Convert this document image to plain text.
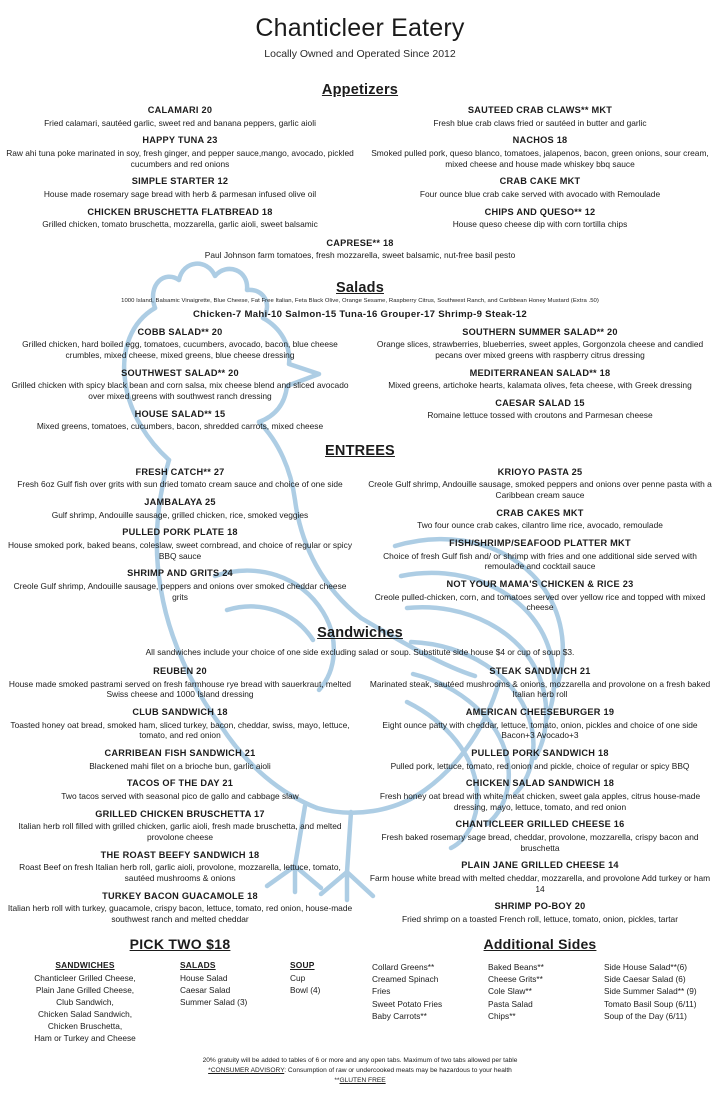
Chanticleer Eatery
Locally Owned and Operated Since 2012
Appetizers
CALAMARI 20
Fried calamari, sautéed garlic, sweet red and banana peppers, garlic aioli
HAPPY TUNA 23
Raw ahi tuna poke marinated in soy, fresh ginger, and pepper sauce,mango, avocado, pickled cucumbers and red onions
SIMPLE STARTER 12
House made rosemary sage bread with herb & parmesan infused olive oil
CHICKEN BRUSCHETTA FLATBREAD 18
Grilled chicken, tomato bruschetta, mozzarella, garlic aioli, sweet balsamic
SAUTEED CRAB CLAWS** MKT
Fresh blue crab claws fried or sautéed in butter and garlic
NACHOS 18
Smoked pulled pork, queso blanco, tomatoes, jalapenos, bacon, green onions, sour cream, mixed cheese and house made whiskey bbq sauce
CRAB CAKE MKT
Four ounce blue crab cake served with avocado with Remoulade
CHIPS AND QUESO** 12
House queso cheese dip with corn tortilla chips
CAPRESE** 18
Paul Johnson farm tomatoes, fresh mozzarella, sweet balsamic, nut-free basil pesto
Salads
1000 Island, Balsamic Vinaigrette, Blue Cheese, Fat Free Italian, Feta Black Olive, Orange Sesame, Raspberry Citrus, Southwest Ranch, and Caribbean Honey Mustard (Extra .50)
Chicken-7 Mahi-10 Salmon-15 Tuna-16 Grouper-17 Shrimp-9 Steak-12
COBB SALAD** 20
Grilled chicken, hard boiled egg, tomatoes, cucumbers, avocado, bacon, blue cheese crumbles, mixed cheese, mixed greens, blue cheese dressing
SOUTHWEST SALAD** 20
Grilled chicken with spicy black bean and corn salsa, mix cheese blend and sliced avocado over mixed greens with southwest ranch dressing
HOUSE SALAD** 15
Mixed greens, tomatoes, cucumbers, bacon, shredded carrots, mixed cheese
SOUTHERN SUMMER SALAD** 20
Orange slices, strawberries, blueberries, sweet apples, Gorgonzola cheese and candied pecans over mixed greens with raspberry citrus dressing
MEDITERRANEAN SALAD** 18
Mixed greens, artichoke hearts, kalamata olives, feta cheese, with Greek dressing
CAESAR SALAD 15
Romaine lettuce tossed with croutons and Parmesan cheese
ENTREES
FRESH CATCH** 27
Fresh 6oz Gulf fish over grits with sun dried tomato cream sauce and choice of one side
JAMBALAYA 25
Gulf shrimp, Andouille sausage, grilled chicken, rice, smoked veggies
PULLED PORK PLATE 18
House smoked pork, baked beans, coleslaw, sweet cornbread, and choice of regular or spicy BBQ sauce
SHRIMP AND GRITS 24
Creole Gulf shrimp, Andouille sausage, peppers and onions over smoked cheddar cheese grits
KRIOYO PASTA 25
Creole Gulf shrimp, Andouille sausage, smoked peppers and onions over penne pasta with a Caribbean cream sauce
CRAB CAKES MKT
Two four ounce crab cakes, cilantro lime rice, avocado, remoulade
FISH/SHRIMP/SEAFOOD PLATTER MKT
Choice of fresh Gulf fish and/ or shrimp with fries and one additional side served with remoulade and cocktail sauce
NOT YOUR MAMA'S CHICKEN & RICE 23
Creole pulled-chicken, corn, and tomatoes served over yellow rice and topped with mixed cheese
Sandwiches
All sandwiches include your choice of one side excluding salad or soup. Substitute side house $4 or cup of soup $3.
REUBEN 20
House made smoked pastrami served on fresh farmhouse rye bread with sauerkraut, melted Swiss cheese and 1000 Island dressing
CLUB SANDWICH 18
Toasted honey oat bread, smoked ham, sliced turkey, bacon, cheddar, swiss, mayo, lettuce, tomato, and red onion
CARRIBEAN FISH SANDWICH 21
Blackened mahi filet on a brioche bun, garlic aioli
TACOS OF THE DAY 21
Two tacos served with seasonal pico de gallo and cabbage slaw
GRILLED CHICKEN BRUSCHETTA 17
Italian herb roll filled with grilled chicken, garlic aioli, fresh made bruschetta, and melted provolone cheese
THE ROAST BEEFY SANDWICH 18
Roast Beef on fresh Italian herb roll, garlic aioli, provolone, mozzarella, lettuce, tomato, sautéed mushrooms & onions
TURKEY BACON GUACAMOLE 18
Italian herb roll with turkey, guacamole, crispy bacon, lettuce, tomato, red onion, house-made southwest ranch and melted cheddar
STEAK SANDWICH 21
Marinated steak, sautéed mushrooms & onions, mozzarella and provolone on a fresh baked Italian herb roll
AMERICAN CHEESEBURGER 19
Eight ounce patty with cheddar, lettuce, tomato, onion, pickles and choice of one side Bacon+3 Avocado+3
PULLED PORK SANDWICH 18
Pulled pork, lettuce, tomato, red onion and pickle, choice of regular or spicy BBQ
CHICKEN SALAD SANDWICH 18
Fresh honey oat bread with white meat chicken, sweet gala apples, citrus house-made dressing, mayo, lettuce, tomato, and red onion
CHANTICLEER GRILLED CHEESE 16
Fresh baked rosemary sage bread, cheddar, provolone, mozzarella, crispy bacon and bruschetta
PLAIN JANE GRILLED CHEESE 14
Farm house white bread with melted cheddar, mozzarella, and provolone Add turkey or ham 14
SHRIMP PO-BOY 20
Fried shrimp on a toasted French roll, lettuce, tomato, onion, pickles, tartar
PICK TWO $18
SANDWICHES
Chanticleer Grilled Cheese,
Plain Jane Grilled Cheese,
Club Sandwich,
Chicken Salad Sandwich,
Chicken Bruschetta,
Ham or Turkey and Cheese
SALADS
House Salad
Caesar Salad
Summer Salad (3)
SOUP
Cup
Bowl (4)
Additional Sides
Collard Greens**
Creamed Spinach
Fries
Sweet Potato Fries
Baby Carrots**
Baked Beans**
Cheese Grits**
Cole Slaw**
Pasta Salad
Chips**
Side House Salad**(6)
Side Caesar Salad (6)
Side Summer Salad** (9)
Tomato Basil Soup (6/11)
Soup of the Day (6/11)
20% gratuity will be added to tables of 6 or more and any open tabs. Maximum of two tabs allowed per table
*CONSUMER ADVISORY: Consumption of raw or undercooked meats may be hazardous to your health
**GLUTEN FREE
